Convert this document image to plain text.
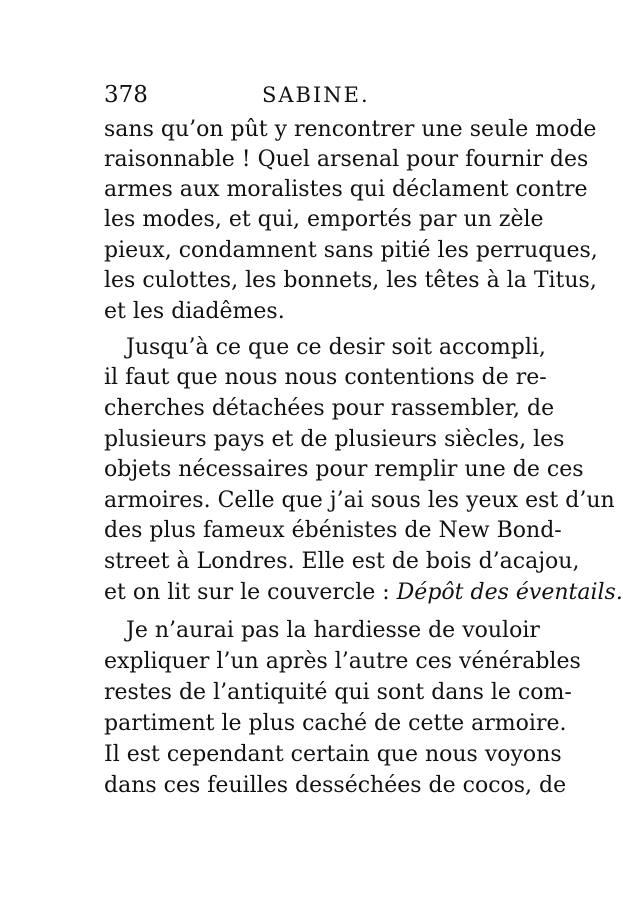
378	SABINE.
sans qu’on pût y rencontrer une seule mode
raisonnable ! Quel arsenal pour fournir des
armes aux moralistes qui déclament contre
les modes, et qui, emportés par un zèle
pieux, condamnent sans pitié les perruques,
les culottes, les bonnets, les têtes à la Titus,
et les diadêmes.
Jusqu’à ce que ce desir soit accompli,
il faut que nous nous contentions de re-
cherches détachées pour rassembler, de
plusieurs pays et de plusieurs siècles, les
objets nécessaires pour remplir une de ces
armoires. Celle que j’ai sous les yeux est d’un
des plus fameux ébénistes de New Bond-
street à Londres. Elle est de bois d’acajou,
et on lit sur le couvercle : Dépôt des éventails.
Je n’aurai pas la hardiesse de vouloir
expliquer l’un après l’autre ces vénérables
restes de l’antiquité qui sont dans le com-
partiment le plus caché de cette armoire.
Il est cependant certain que nous voyons
dans ces feuilles desséchées de cocos, de
